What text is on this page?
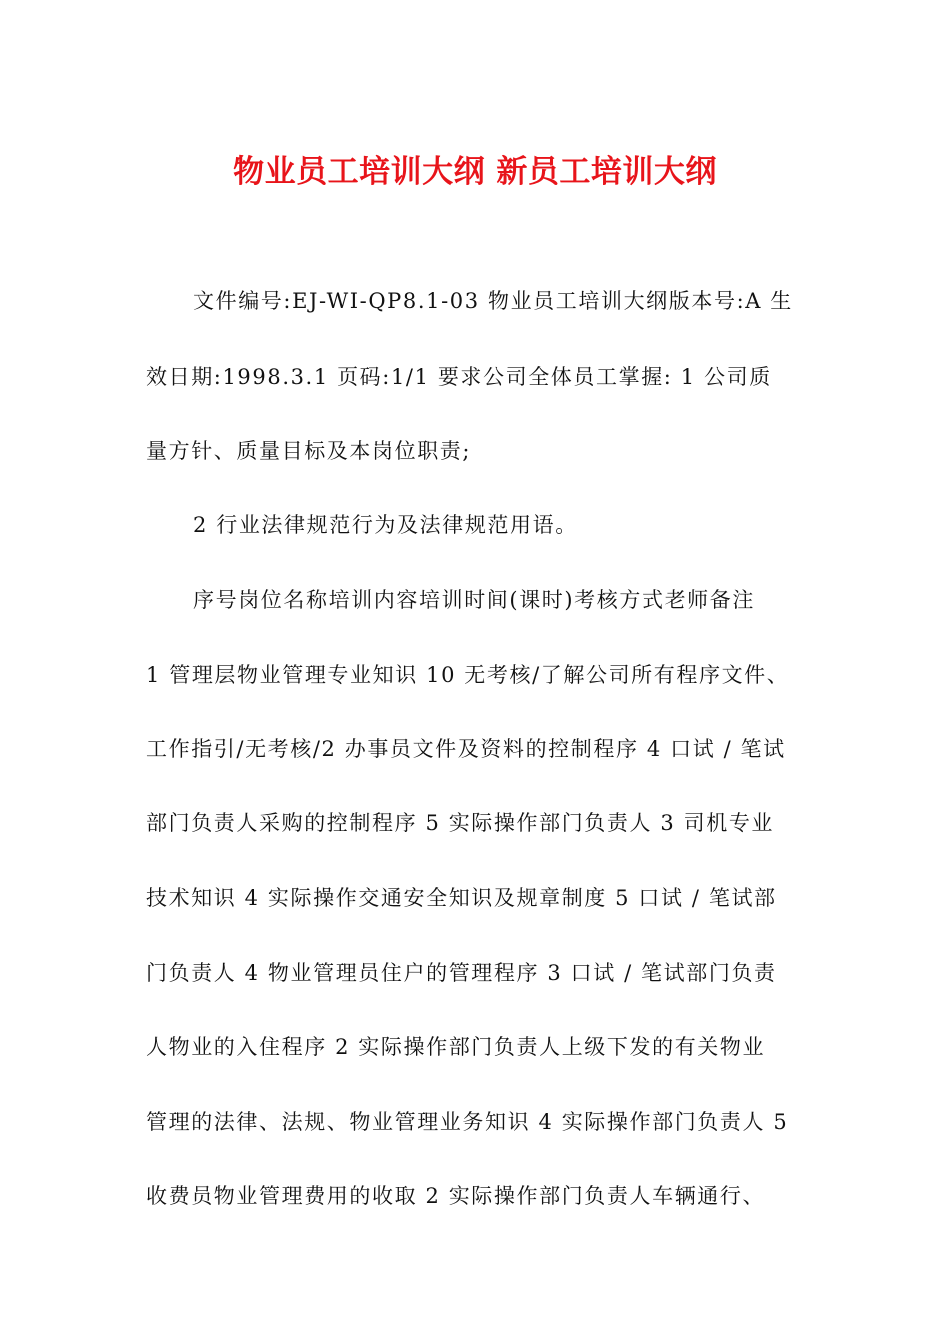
物业员工培训大纲 新员工培训大纲
文件编号:EJ-WI-QP8.1-03 物业员工培训大纲版本号:A 生
效日期:1998.3.1 页码:1/1 要求公司全体员工掌握: 1 公司质
量方针、质量目标及本岗位职责;
2 行业法律规范行为及法律规范用语。
序号岗位名称培训内容培训时间(课时)考核方式老师备注
1 管理层物业管理专业知识 10 无考核/了解公司所有程序文件、
工作指引/无考核/2 办事员文件及资料的控制程序 4 口试 / 笔试
部门负责人采购的控制程序 5 实际操作部门负责人 3 司机专业
技术知识 4 实际操作交通安全知识及规章制度 5 口试 / 笔试部
门负责人 4 物业管理员住户的管理程序 3 口试 / 笔试部门负责
人物业的入住程序 2 实际操作部门负责人上级下发的有关物业
管理的法律、法规、物业管理业务知识 4 实际操作部门负责人 5
收费员物业管理费用的收取 2 实际操作部门负责人车辆通行、
